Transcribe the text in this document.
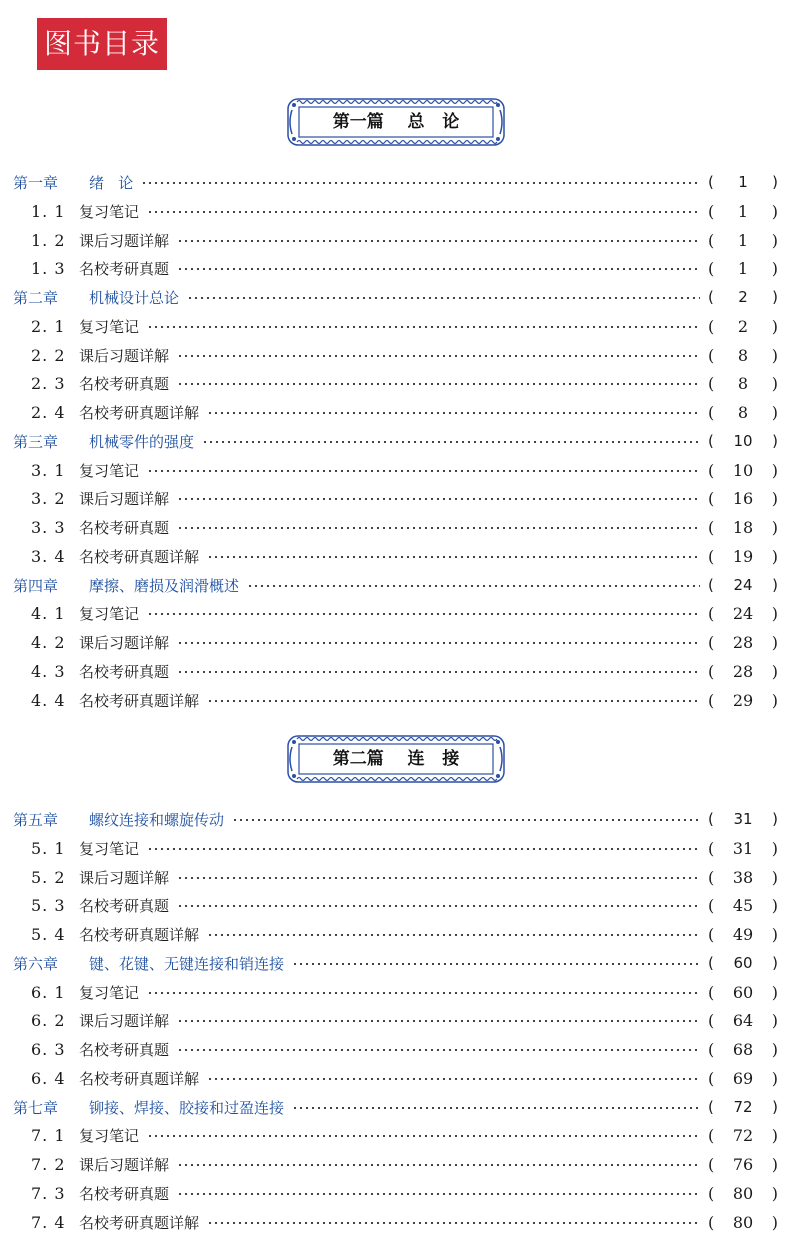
图书目录
第一篇    总   论
第一章	绪   论	(	1	)
1. 1 复习笔记	(	1	)
1. 2 课后习题详解	(	1	)
1. 3 名校考研真题	(	1	)
第二章	机械设计总论	(	2	)
2. 1 复习笔记	(	2	)
2. 2 课后习题详解	(	8	)
2. 3 名校考研真题	(	8	)
2. 4 名校考研真题详解	(	8	)
第三章	机械零件的强度	(	10	)
3. 1 复习笔记	(	10	)
3. 2 课后习题详解	(	16	)
3. 3 名校考研真题	(	18	)
3. 4 名校考研真题详解	(	19	)
第四章	摩擦、磨损及润滑概述	(	24	)
4. 1 复习笔记	(	24	)
4. 2 课后习题详解	(	28	)
4. 3 名校考研真题	(	28	)
4. 4 名校考研真题详解	(	29	)
第二篇    连   接
第五章	螺纹连接和螺旋传动	(	31	)
5. 1 复习笔记	(	31	)
5. 2 课后习题详解	(	38	)
5. 3 名校考研真题	(	45	)
5. 4 名校考研真题详解	(	49	)
第六章	键、花键、无键连接和销连接	(	60	)
6. 1 复习笔记	(	60	)
6. 2 课后习题详解	(	64	)
6. 3 名校考研真题	(	68	)
6. 4 名校考研真题详解	(	69	)
第七章	铆接、焊接、胶接和过盈连接	(	72	)
7. 1 复习笔记	(	72	)
7. 2 课后习题详解	(	76	)
7. 3 名校考研真题	(	80	)
7. 4 名校考研真题详解	(	80	)
